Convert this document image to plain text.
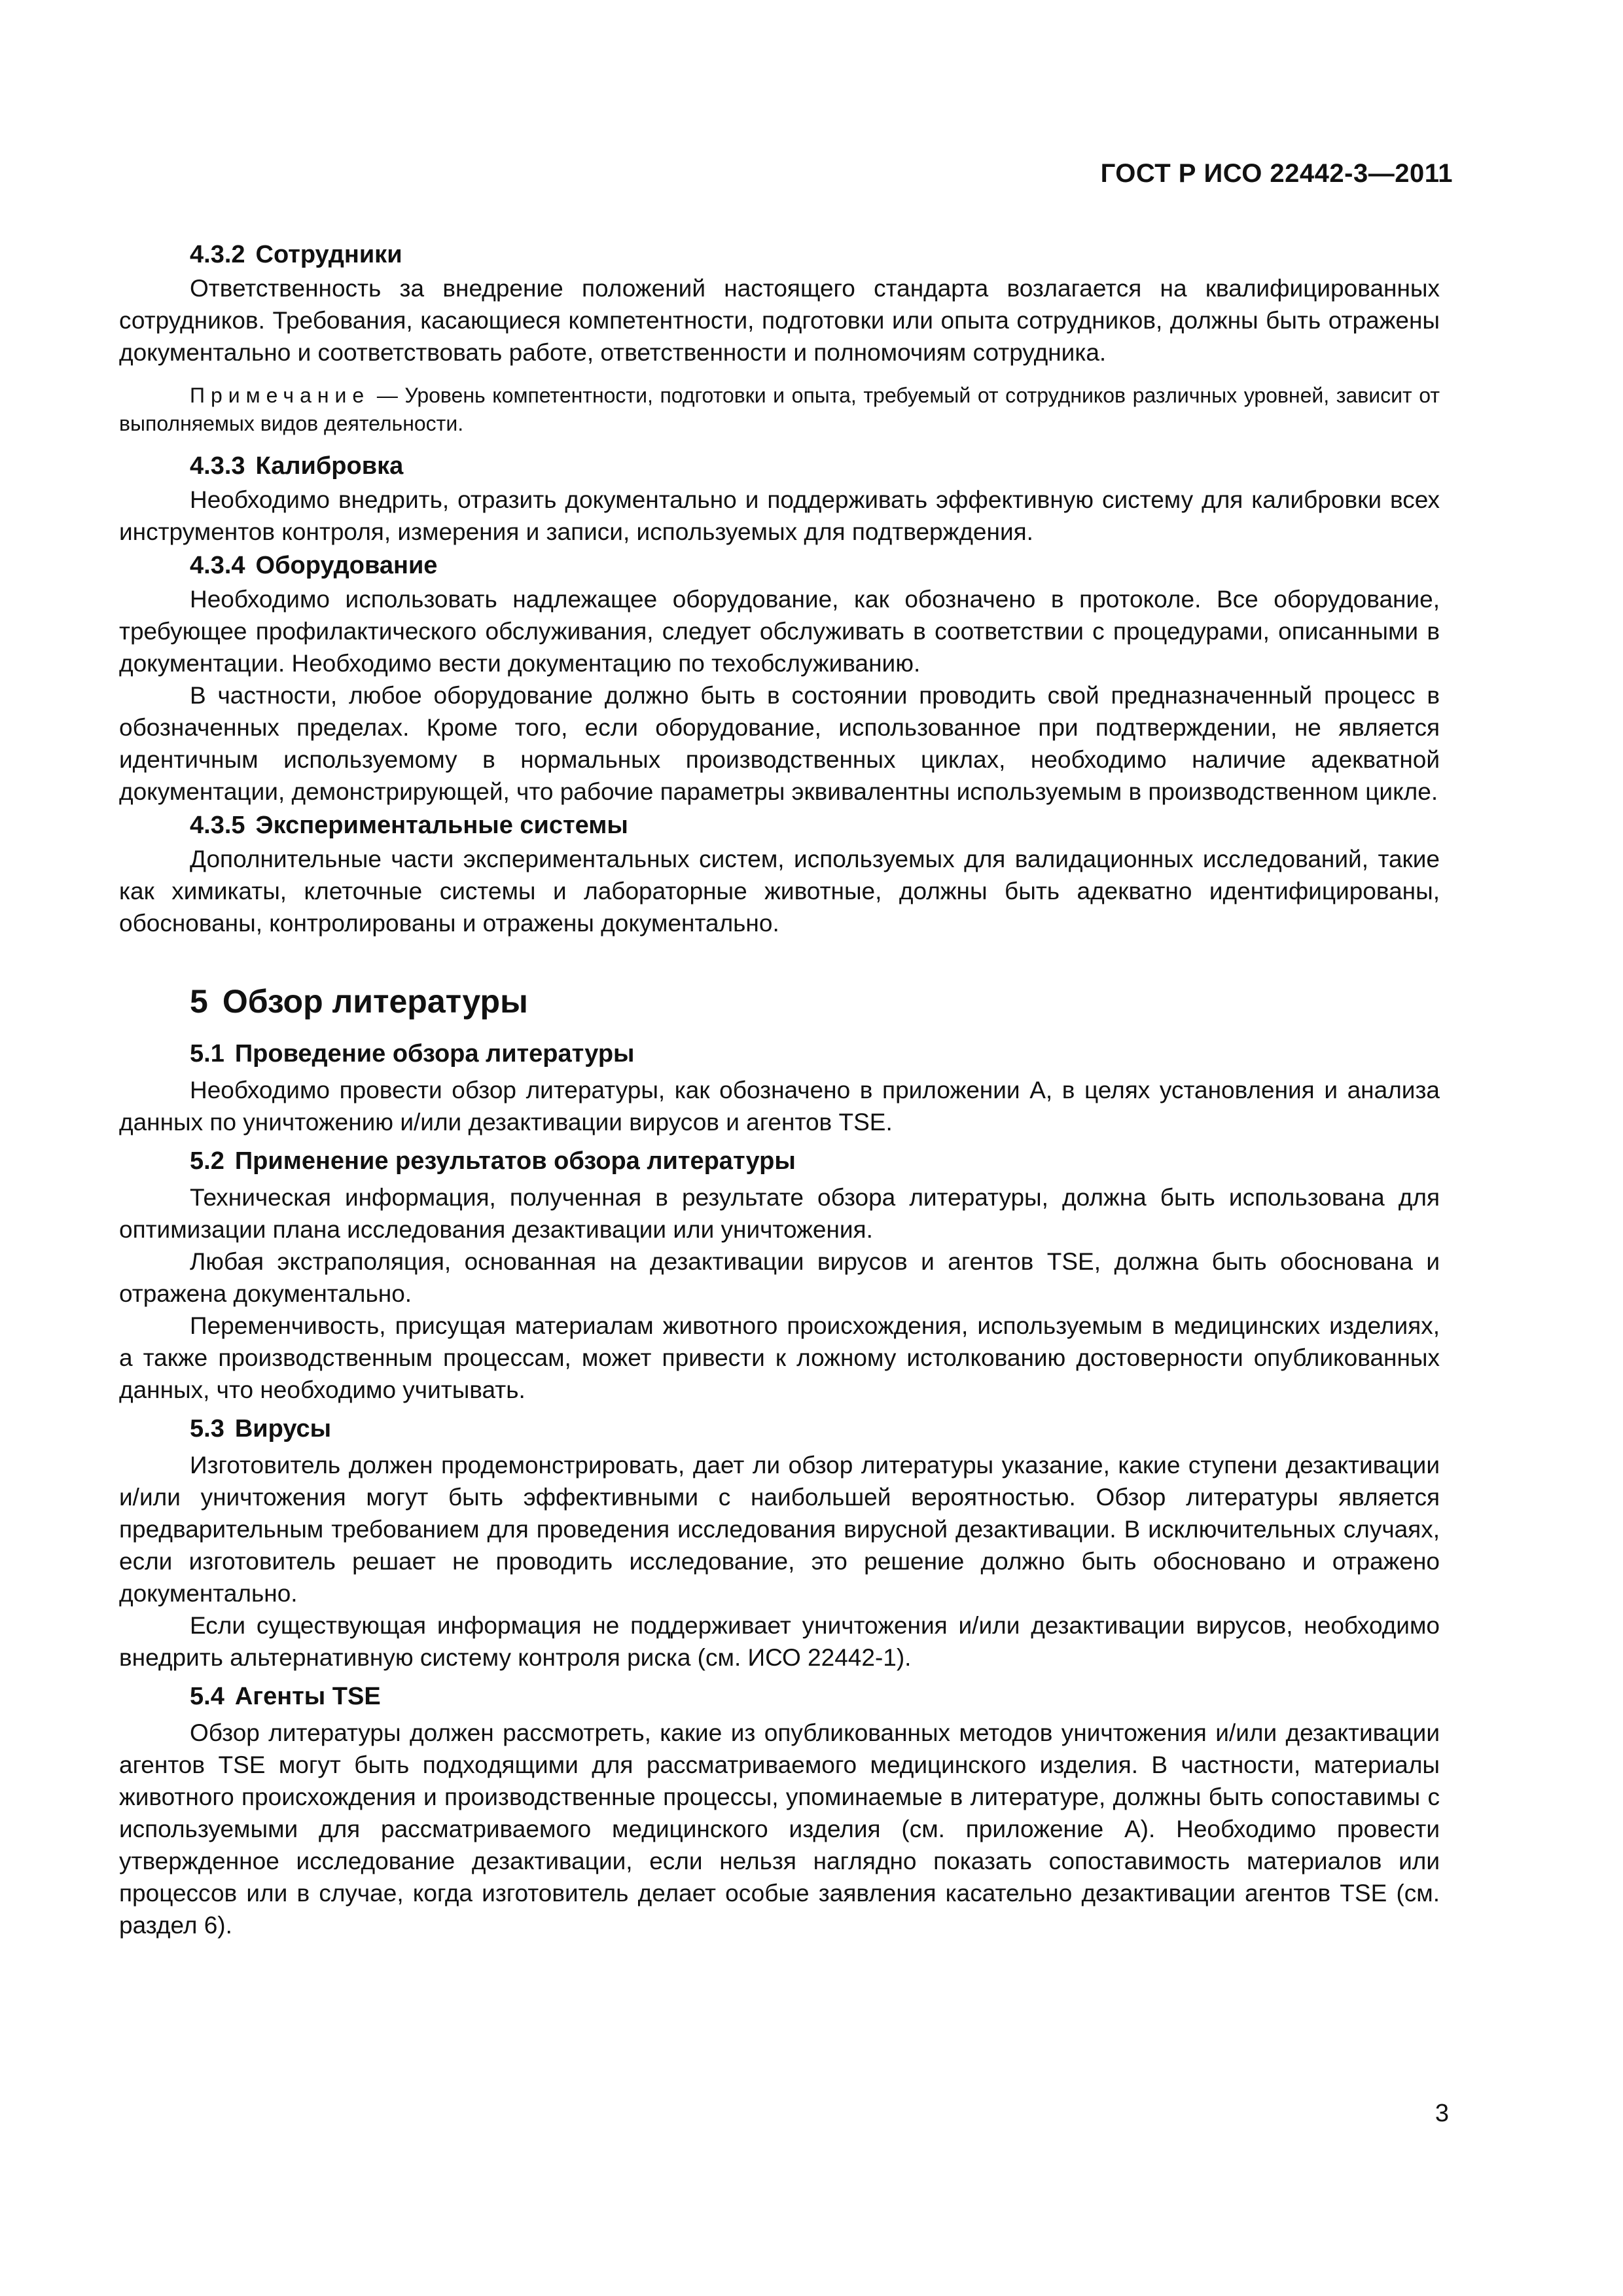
ГОСТ Р ИСО 22442-3—2011
4.3.2 Сотрудники

Ответственность за внедрение положений настоящего стандарта возлагается на квалифицированных сотрудников. Требования, касающиеся компетентности, подготовки или опыта сотрудников, должны быть отражены документально и соответствовать работе, ответственности и полномочиям сотрудника.

Примечание — Уровень компетентности, подготовки и опыта, требуемый от сотрудников различных уровней, зависит от выполняемых видов деятельности.

4.3.3 Калибровка

Необходимо внедрить, отразить документально и поддерживать эффективную систему для калибровки всех инструментов контроля, измерения и записи, используемых для подтверждения.

4.3.4 Оборудование

Необходимо использовать надлежащее оборудование, как обозначено в протоколе. Все оборудование, требующее профилактического обслуживания, следует обслуживать в соответствии с процедурами, описанными в документации. Необходимо вести документацию по техобслуживанию.

В частности, любое оборудование должно быть в состоянии проводить свой предназначенный процесс в обозначенных пределах. Кроме того, если оборудование, использованное при подтверждении, не является идентичным используемому в нормальных производственных циклах, необходимо наличие адекватной документации, демонстрирующей, что рабочие параметры эквивалентны используемым в производственном цикле.

4.3.5 Экспериментальные системы

Дополнительные части экспериментальных систем, используемых для валидационных исследований, такие как химикаты, клеточные системы и лабораторные животные, должны быть адекватно идентифицированы, обоснованы, контролированы и отражены документально.

5 Обзор литературы
5.1 Проведение обзора литературы

Необходимо провести обзор литературы, как обозначено в приложении А, в целях установления и анализа данных по уничтожению и/или дезактивации вирусов и агентов TSE.

5.2 Применение результатов обзора литературы

Техническая информация, полученная в результате обзора литературы, должна быть использована для оптимизации плана исследования дезактивации или уничтожения.

Любая экстраполяция, основанная на дезактивации вирусов и агентов TSE, должна быть обоснована и отражена документально.

Переменчивость, присущая материалам животного происхождения, используемым в медицинских изделиях, а также производственным процессам, может привести к ложному истолкованию достоверности опубликованных данных, что необходимо учитывать.

5.3 Вирусы

Изготовитель должен продемонстрировать, дает ли обзор литературы указание, какие ступени дезактивации и/или уничтожения могут быть эффективными с наибольшей вероятностью. Обзор литературы является предварительным требованием для проведения исследования вирусной дезактивации. В исключительных случаях, если изготовитель решает не проводить исследование, это решение должно быть обосновано и отражено документально.

Если существующая информация не поддерживает уничтожения и/или дезактивации вирусов, необходимо внедрить альтернативную систему контроля риска (см. ИСО 22442-1).

5.4 Агенты TSE

Обзор литературы должен рассмотреть, какие из опубликованных методов уничтожения и/или дезактивации агентов TSE могут быть подходящими для рассматриваемого медицинского изделия. В частности, материалы животного происхождения и производственные процессы, упоминаемые в литературе, должны быть сопоставимы с используемыми для рассматриваемого медицинского изделия (см. приложение А). Необходимо провести утвержденное исследование дезактивации, если нельзя наглядно показать сопоставимость материалов или процессов или в случае, когда изготовитель делает особые заявления касательно дезактивации агентов TSE (см. раздел 6).

3
